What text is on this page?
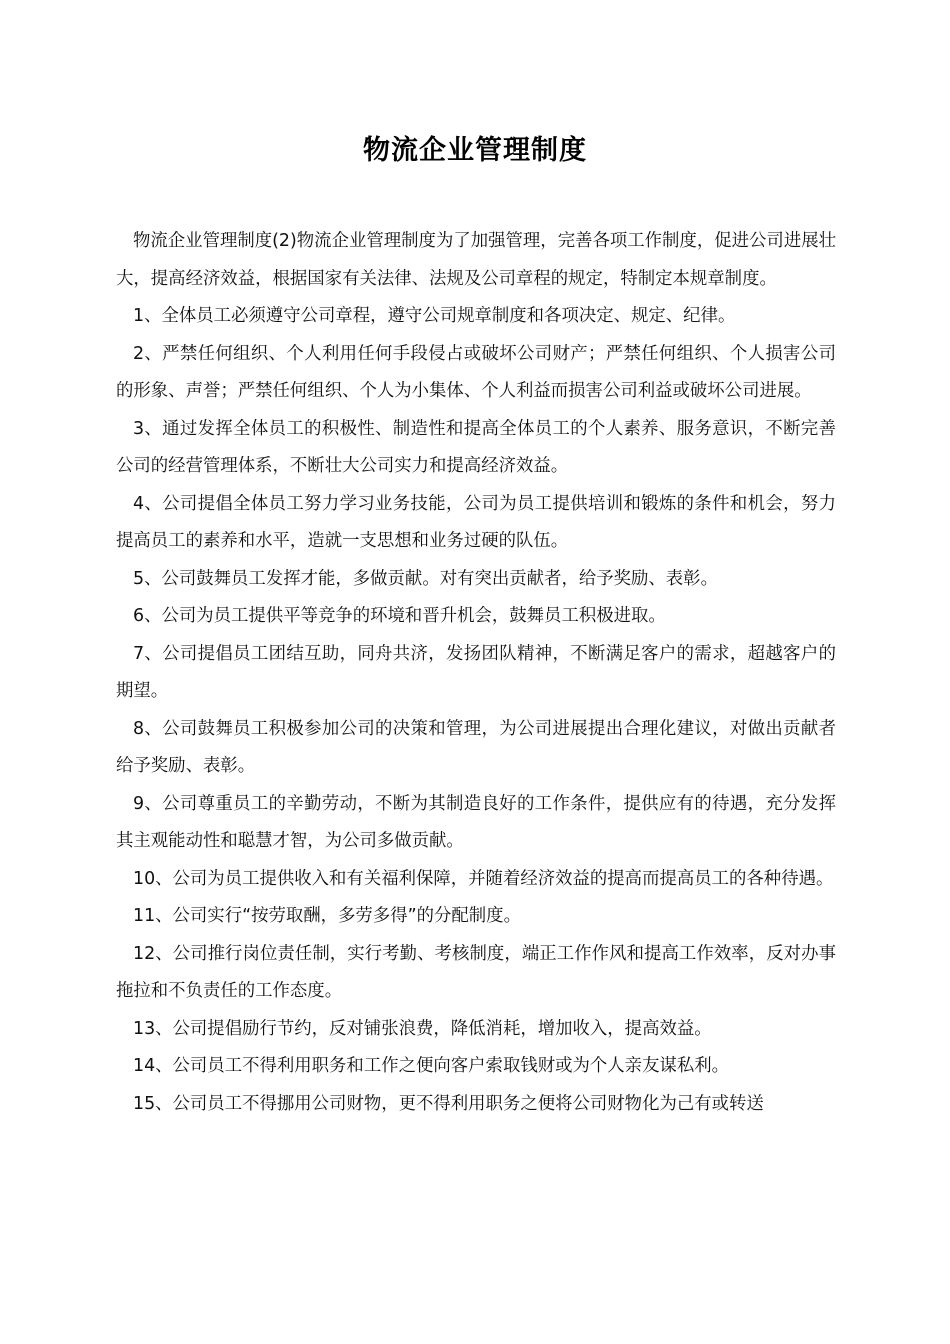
物流企业管理制度

物流企业管理制度(2)物流企业管理制度为了加强管理，完善各项工作制度，促进公司进展壮大，提高经济效益，根据国家有关法律、法规及公司章程的规定，特制定本规章制度。

1、全体员工必须遵守公司章程，遵守公司规章制度和各项决定、规定、纪律。

2、严禁任何组织、个人利用任何手段侵占或破坏公司财产；严禁任何组织、个人损害公司的形象、声誉；严禁任何组织、个人为小集体、个人利益而损害公司利益或破坏公司进展。

3、通过发挥全体员工的积极性、制造性和提高全体员工的个人素养、服务意识，不断完善公司的经营管理体系，不断壮大公司实力和提高经济效益。

4、公司提倡全体员工努力学习业务技能，公司为员工提供培训和锻炼的条件和机会，努力提高员工的素养和水平，造就一支思想和业务过硬的队伍。

5、公司鼓舞员工发挥才能，多做贡献。对有突出贡献者，给予奖励、表彰。

6、公司为员工提供平等竞争的环境和晋升机会，鼓舞员工积极进取。

7、公司提倡员工团结互助，同舟共济，发扬团队精神，不断满足客户的需求，超越客户的期望。

8、公司鼓舞员工积极参加公司的决策和管理，为公司进展提出合理化建议，对做出贡献者给予奖励、表彰。

9、公司尊重员工的辛勤劳动，不断为其制造良好的工作条件，提供应有的待遇，充分发挥其主观能动性和聪慧才智，为公司多做贡献。

10、公司为员工提供收入和有关福利保障，并随着经济效益的提高而提高员工的各种待遇。

11、公司实行“按劳取酬，多劳多得”的分配制度。

12、公司推行岗位责任制，实行考勤、考核制度，端正工作作风和提高工作效率，反对办事拖拉和不负责任的工作态度。

13、公司提倡励行节约，反对铺张浪费，降低消耗，增加收入，提高效益。

14、公司员工不得利用职务和工作之便向客户索取钱财或为个人亲友谋私利。

15、公司员工不得挪用公司财物，更不得利用职务之便将公司财物化为己有或转送
